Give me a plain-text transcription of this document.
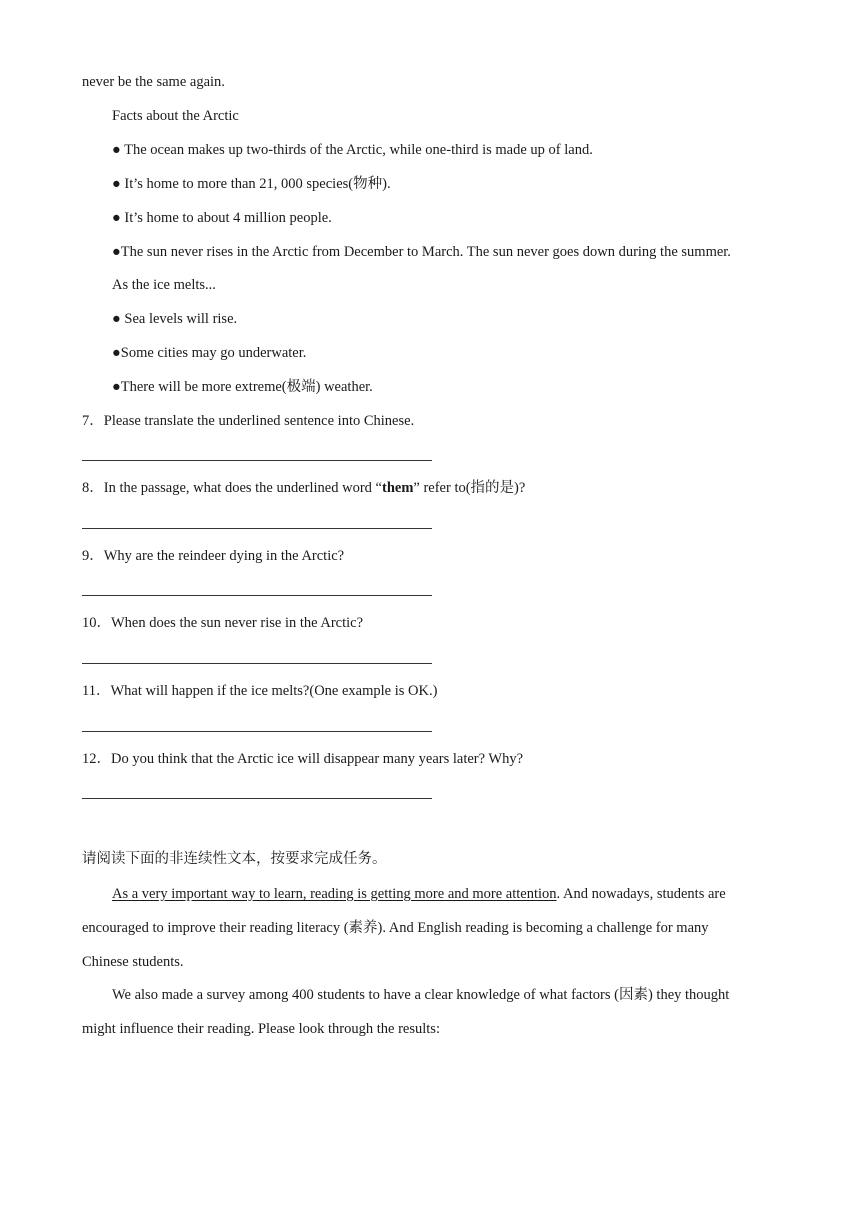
never be the same again.
Facts about the Arctic
● The ocean makes up two-thirds of the Arctic, while one-third is made up of land.
● It’s home to more than 21, 000 species(物种).
● It’s home to about 4 million people.
●The sun never rises in the Arctic from December to March. The sun never goes down during the summer.
As the ice melts...
● Sea levels will rise.
●Some cities may go underwater.
●There will be more extreme(极端) weather.
7．Please translate the underlined sentence into Chinese.
8．In the passage, what does the underlined word “them” refer to(指的是)?
9．Why are the reindeer dying in the Arctic?
10．When does the sun never rise in the Arctic?
11．What will happen if the ice melts?(One example is OK.)
12．Do you think that the Arctic ice will disappear many years later? Why?
请阅读下面的非连续性文本，按要求完成任务。
As a very important way to learn, reading is getting more and more attention. And nowadays, students are
encouraged to improve their reading literacy (素养). And English reading is becoming a challenge for many
Chinese students.
We also made a survey among 400 students to have a clear knowledge of what factors (因素) they thought
might influence their reading. Please look through the results:
